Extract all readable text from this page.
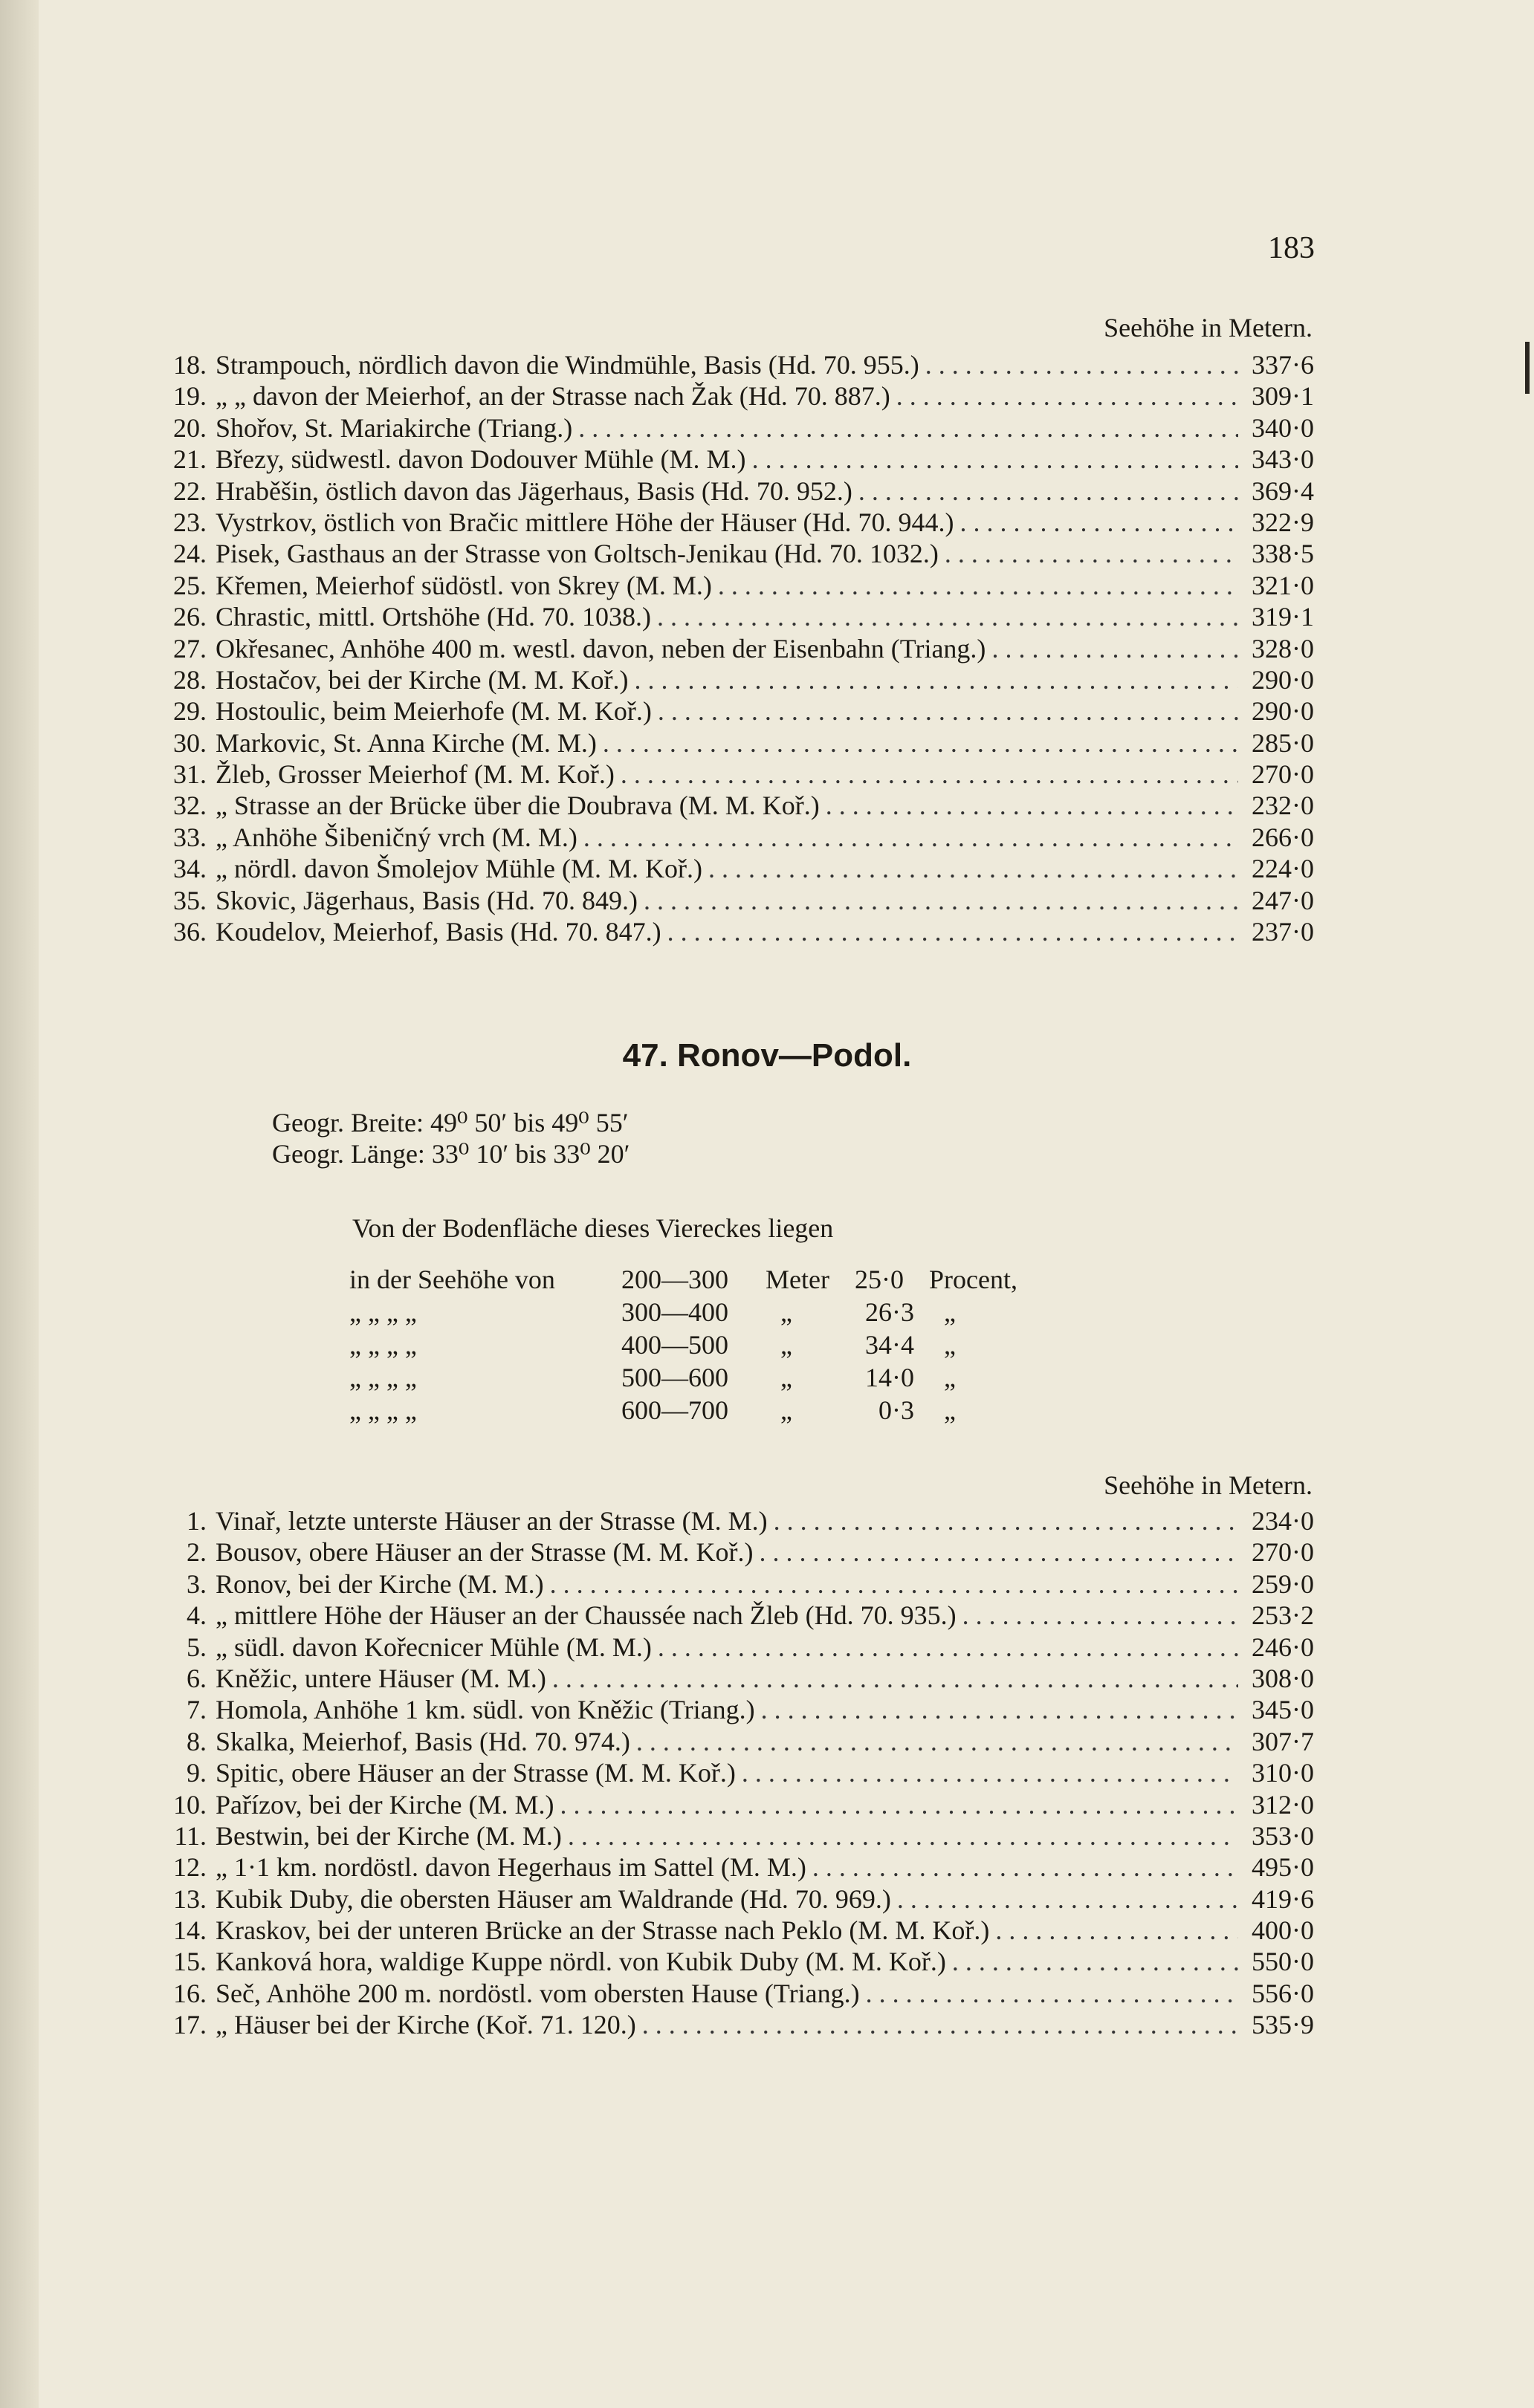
183
Seehöhe in Metern.
18. Strampouch, nördlich davon die Windmühle, Basis (Hd. 70. 955.) . . .	337·6
19. „ „ davon der Meierhof, an der Strasse nach Žak (Hd. 70. 887.) . . .	309·1
20. Shořov, St. Mariakirche (Triang.) . . .	340·0
21. Březy, südwestl. davon Dodouver Mühle (M. M.) . . .	343·0
22. Hraběšin, östlich davon das Jägerhaus, Basis (Hd. 70. 952.) . . .	369·4
23. Vystrkov, östlich von Bračic mittlere Höhe der Häuser (Hd. 70. 944.) . . .	322·9
24. Pisek, Gasthaus an der Strasse von Goltsch-Jenikau (Hd. 70. 1032.) . . .	338·5
25. Křemen, Meierhof südöstl. von Skrey (M. M.) . . .	321·0
26. Chrastic, mittl. Ortshöhe (Hd. 70. 1038.) . . .	319·1
27. Okřesanec, Anhöhe 400 m. westl. davon, neben der Eisenbahn (Triang.) . . .	328·0
28. Hostačov, bei der Kirche (M. M. Koř.) . . .	290·0
29. Hostoulic, beim Meierhofe (M. M. Koř.) . . .	290·0
30. Markovic, St. Anna Kirche (M. M.) . . .	285·0
31. Žleb, Grosser Meierhof (M. M. Koř.) . . .	270·0
32. „ Strasse an der Brücke über die Doubrava (M. M. Koř.) . . .	232·0
33. „ Anhöhe Šibeničný vrch (M. M.) . . .	266·0
34. „ nördl. davon Šmolejov Mühle (M. M. Koř.) . . .	224·0
35. Skovic, Jägerhaus, Basis (Hd. 70. 849.) . . .	247·0
36. Koudelov, Meierhof, Basis (Hd. 70. 847.) . . .	237·0
47. Ronov—Podol.
Geogr. Breite: 49⁰ 50′ bis 49⁰ 55′
Geogr. Länge: 33⁰ 10′ bis 33⁰ 20′
Von der Bodenfläche dieses Viereckes liegen
in der Seehöhe von 200—300 Meter 25·0 Procent,
„ „ „ „	300—400 „	26·3 „
„ „ „ „	400—500 „	34·4 „
„ „ „ „	500—600 „	14·0 „
„ „ „ „	600—700 „	0·3 „
Seehöhe in Metern.
1. Vinař, letzte unterste Häuser an der Strasse (M. M.) . . .	234·0
2. Bousov, obere Häuser an der Strasse (M. M. Koř.) . . .	270·0
3. Ronov, bei der Kirche (M. M.) . . .	259·0
4. „ mittlere Höhe der Häuser an der Chaussée nach Žleb (Hd. 70. 935.) . . .	253·2
5. „ südl. davon Kořecnicer Mühle (M. M.) . . .	246·0
6. Kněžic, untere Häuser (M. M.) . . .	308·0
7. Homola, Anhöhe 1 km. südl. von Kněžic (Triang.) . . .	345·0
8. Skalka, Meierhof, Basis (Hd. 70. 974.) . . .	307·7
9. Spitic, obere Häuser an der Strasse (M. M. Koř.) . . .	310·0
10. Pařízov, bei der Kirche (M. M.) . . .	312·0
11. Bestwin, bei der Kirche (M. M.) . . .	353·0
12. „ 1·1 km. nordöstl. davon Hegerhaus im Sattel (M. M.) . . .	495·0
13. Kubik Duby, die obersten Häuser am Waldrande (Hd. 70. 969.) . . .	419·6
14. Kraskov, bei der unteren Brücke an der Strasse nach Peklo (M. M. Koř.) . . .	400·0
15. Kanková hora, waldige Kuppe nördl. von Kubik Duby (M. M. Koř.) . . .	550·0
16. Seč, Anhöhe 200 m. nordöstl. vom obersten Hause (Triang.) . . .	556·0
17. „ Häuser bei der Kirche (Koř. 71. 120.) . . .	535·9
